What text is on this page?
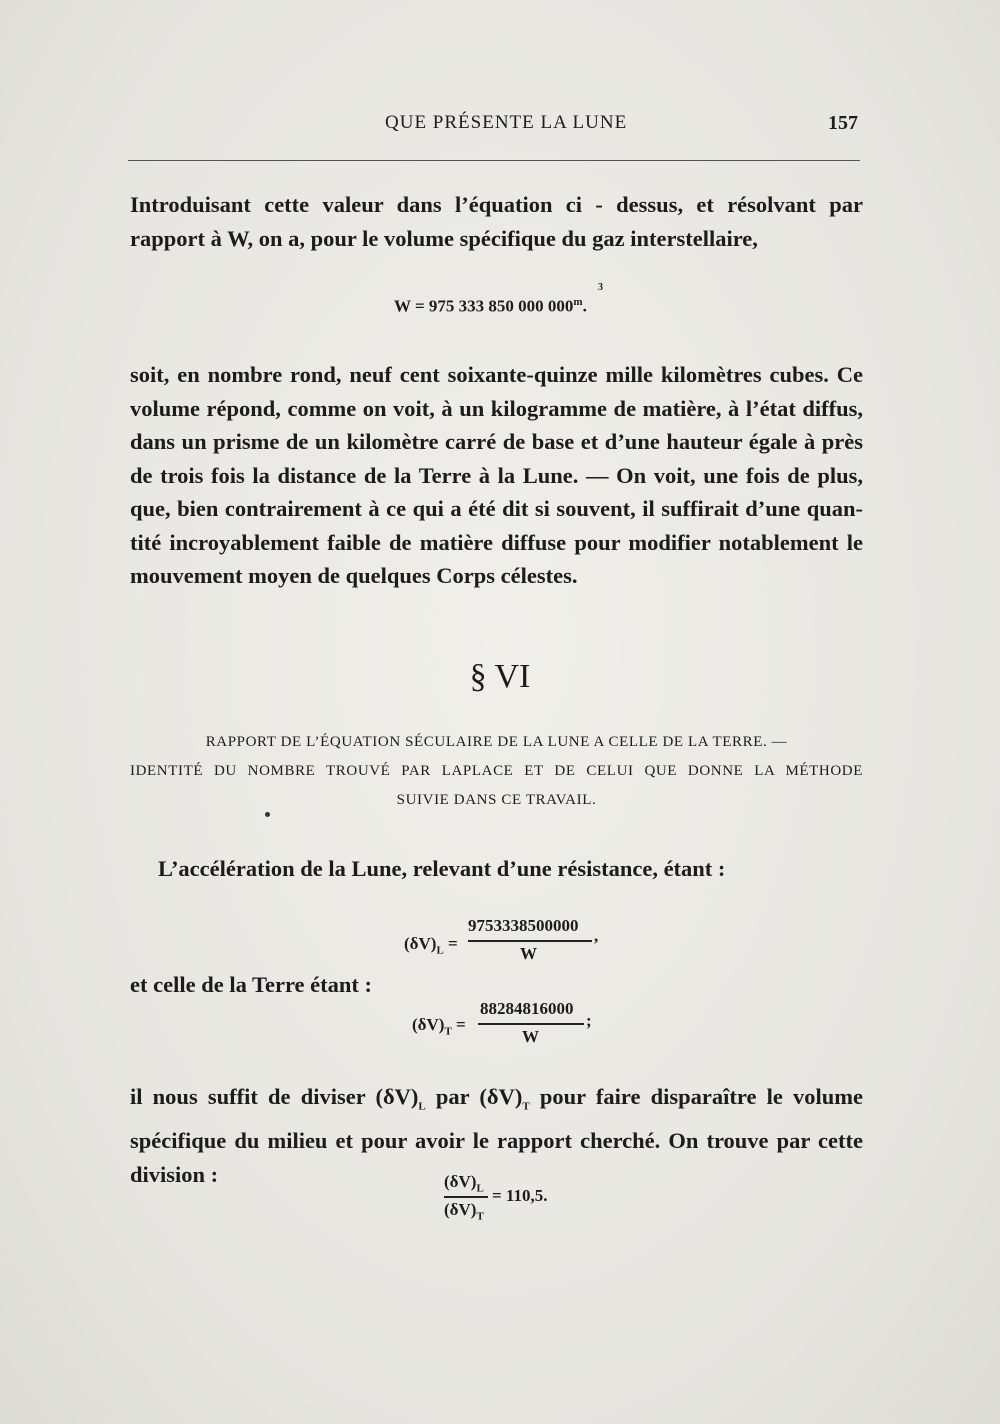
QUE PRÉSENTE LA LUNE	157
Introduisant cette valeur dans l’équation ci - dessus, et résolvant par
rapport à W, on a, pour le volume spécifique du gaz interstellaire,
W = 975 333 850 000 000$^m$.
3
soit, en nombre rond, neuf cent soixante-quinze mille kilomètres cubes. Ce
volume répond, comme on voit, à un kilogramme de matière, à l’état diffus,
dans un prisme de un kilomètre carré de base et d’une hauteur égale à près
de trois fois la distance de la Terre à la Lune. — On voit, une fois de plus,
que, bien contrairement à ce qui a été dit si souvent, il suffirait d’une quan-
tité incroyablement faible de matière diffuse pour modifier notablement le
mouvement moyen de quelques Corps célestes.
§ VI
RAPPORT DE L’ÉQUATION SÉCULAIRE DE LA LUNE A CELLE DE LA TERRE. —
IDENTITÉ DU NOMBRE TROUVÉ PAR LAPLACE ET DE CELUI QUE DONNE LA MÉTHODE
SUIVIE DANS CE TRAVAIL.
L’accélération de la Lune, relevant d’une résistance, étant :
$(\delta V)_L$ =
9753338500000
W
,
et celle de la Terre étant :
$(\delta V)_T$ =
88284816000
W
;
il nous suffit de diviser $(\delta V)_L$ par $(\delta V)_T$ pour faire disparaître le volume
spécifique du milieu et pour avoir le rapport cherché. On trouve par cette
division :	$(\delta V)_L$
$(\delta V)_T$
= 110,5.
